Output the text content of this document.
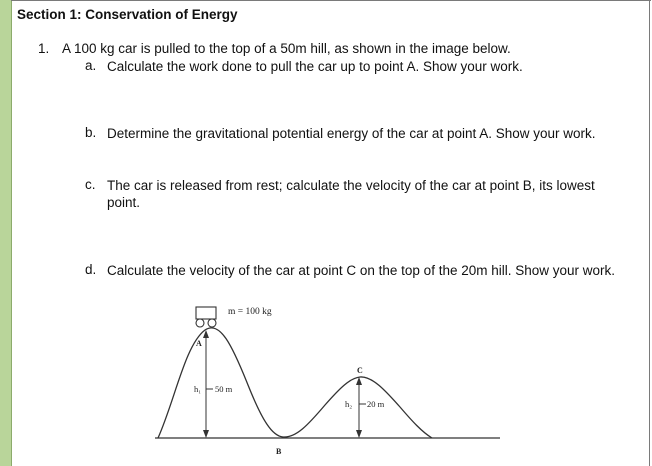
Section 1: Conservation of Energy
1. A 100 kg car is pulled to the top of a 50m hill, as shown in the image below.
a. Calculate the work done to pull the car up to point A. Show your work.
b. Determine the gravitational potential energy of the car at point A. Show your work.
c. The car is released from rest; calculate the velocity of the car at point B, its lowest point.
d. Calculate the velocity of the car at point C on the top of the 20m hill. Show your work.
m = 100 kg
A
h₁ 50 m
B
C
h₂ 20 m
